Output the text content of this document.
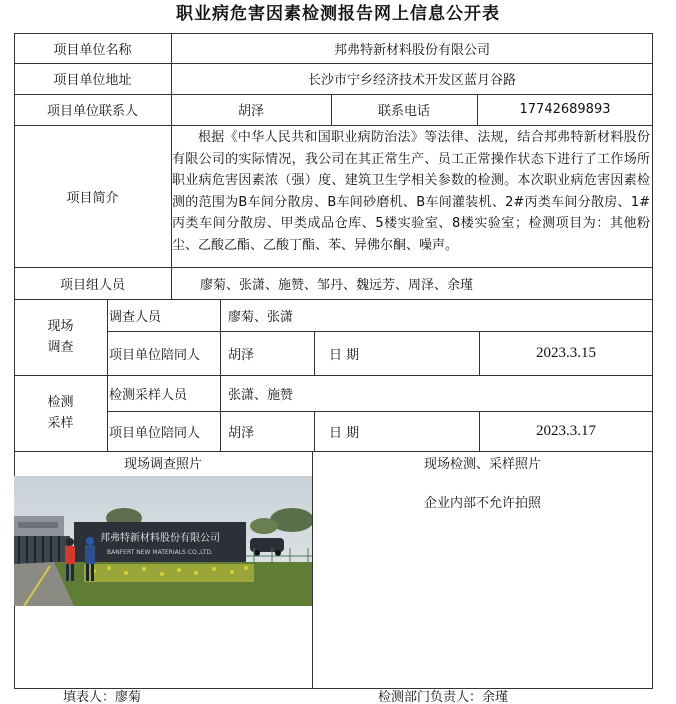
职业病危害因素检测报告网上信息公开表
项目单位名称	邦弗特新材料股份有限公司
项目单位地址	长沙市宁乡经济技术开发区蓝月谷路
项目单位联系人	胡泽	联系电话	17742689893
项目简介
根据《中华人民共和国职业病防治法》等法律、法规，结合邦弗特新材料股份有限公司的实际情况，我公司在其正常生产、员工正常操作状态下进行了工作场所职业病危害因素浓（强）度、建筑卫生学相关参数的检测。本次职业病危害因素检测的范围为B车间分散房、B车间砂磨机、B车间灌装机、2#丙类车间分散房、1#丙类车间分散房、甲类成品仓库、5楼实验室、8楼实验室；检测项目为：其他粉尘、乙酸乙酯、乙酸丁酯、苯、异佛尔酮、噪声。
项目组人员	廖菊、张潇、施赞、邹丹、魏远芳、周泽、余瑾
现场调查
调查人员	廖菊、张潇
项目单位陪同人	胡泽	日 期	2023.3.15
检测采样
检测采样人员	张潇、施赞
项目单位陪同人	胡泽	日 期	2023.3.17
现场调查照片	现场检测、采样照片
企业内部不允许拍照
邦弗特新材料股份有限公司
BANFERT NEW MATERIALS CO.,LTD.
填表人：廖菊	检测部门负责人：余瑾
